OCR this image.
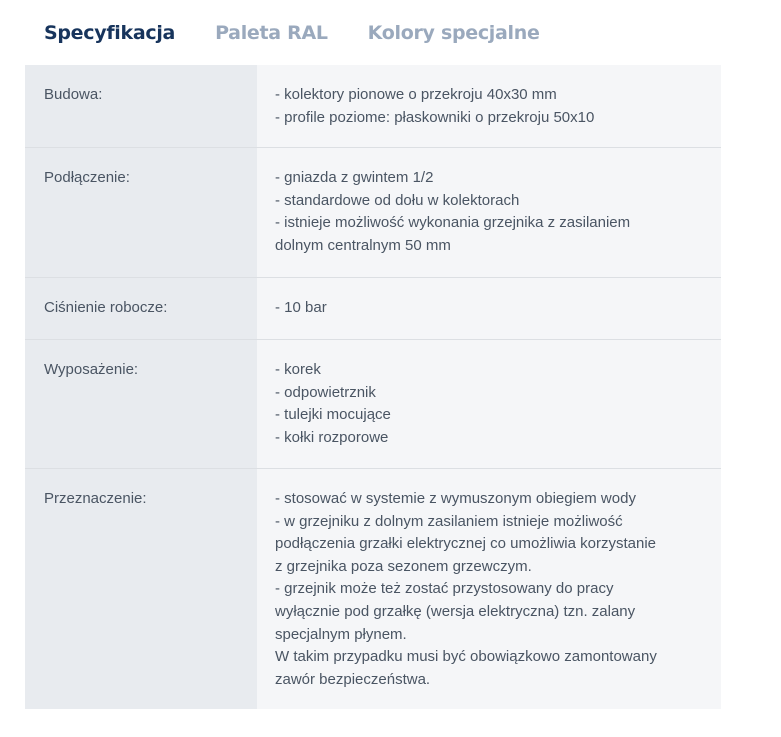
Specyfikacja Paleta RAL Kolory specjalne
Budowa:	- kolektory pionowe o przekroju 40x30 mm
- profile poziome: płaskowniki o przekroju 50x10
Podłączenie:	- gniazda z gwintem 1/2
- standardowe od dołu w kolektorach
- istnieje możliwość wykonania grzejnika z zasilaniem
dolnym centralnym 50 mm
Ciśnienie robocze:	- 10 bar
Wyposażenie:	- korek
- odpowietrznik
- tulejki mocujące
- kołki rozporowe
Przeznaczenie:	- stosować w systemie z wymuszonym obiegiem wody
- w grzejniku z dolnym zasilaniem istnieje możliwość
podłączenia grzałki elektrycznej co umożliwia korzystanie
z grzejnika poza sezonem grzewczym.
- grzejnik może też zostać przystosowany do pracy
wyłącznie pod grzałkę (wersja elektryczna) tzn. zalany
specjalnym płynem.
W takim przypadku musi być obowiązkowo zamontowany
zawór bezpieczeństwa.
